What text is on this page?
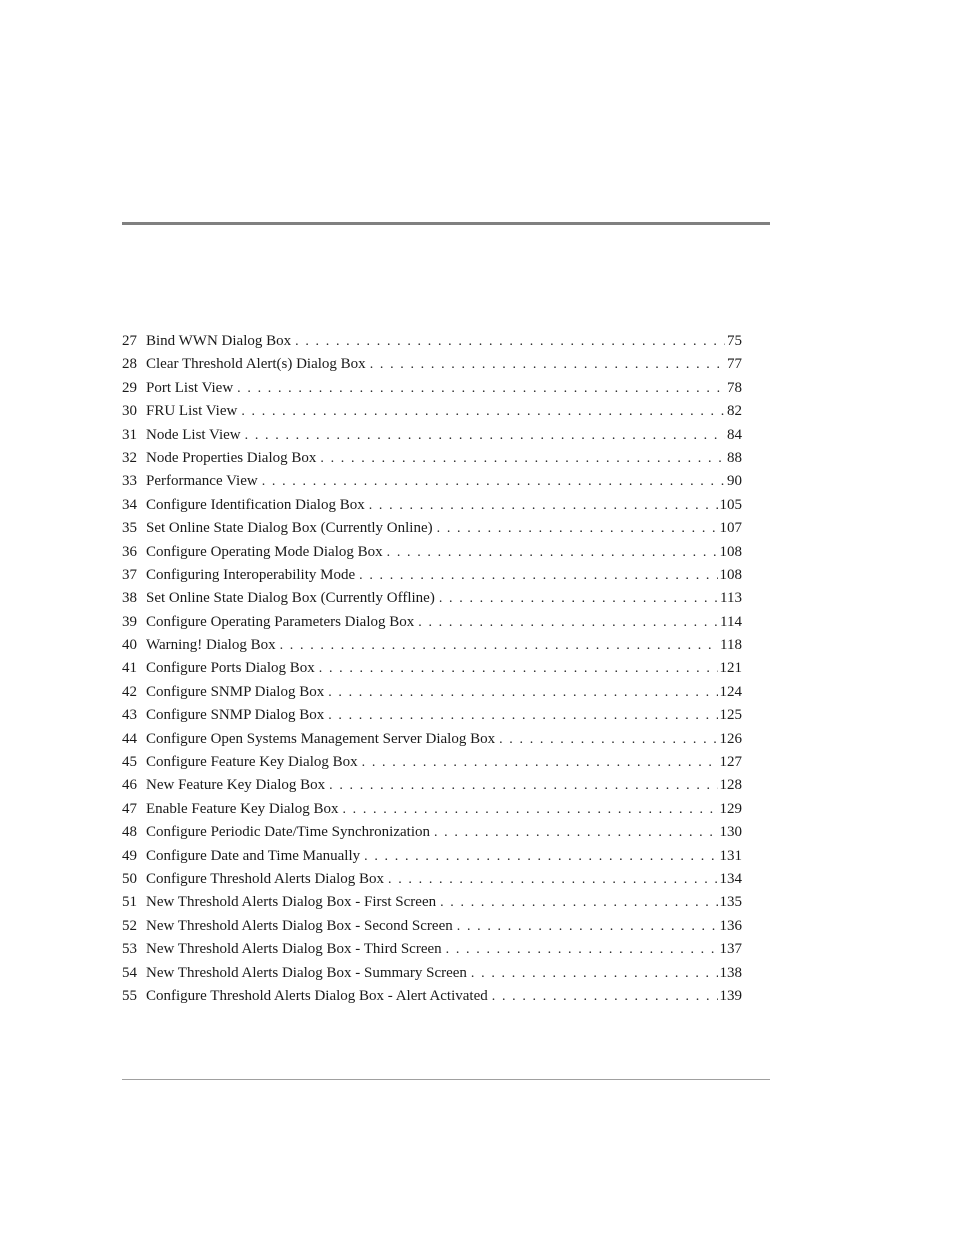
27 Bind WWN Dialog Box . . .	75
28 Clear Threshold Alert(s) Dialog Box . . .	77
29 Port List View . . .	78
30 FRU List View . . .	82
31 Node List View . . .	84
32 Node Properties Dialog Box . . .	88
33 Performance View . . .	90
34 Configure Identification Dialog Box . . .	105
35 Set Online State Dialog Box (Currently Online) . . .	107
36 Configure Operating Mode Dialog Box . . .	108
37 Configuring Interoperability Mode . . .	108
38 Set Online State Dialog Box (Currently Offline) . . .	113
39 Configure Operating Parameters Dialog Box . . .	114
40 Warning! Dialog Box . . .	118
41 Configure Ports Dialog Box . . .	121
42 Configure SNMP Dialog Box . . .	124
43 Configure SNMP Dialog Box . . .	125
44 Configure Open Systems Management Server Dialog Box . . .	126
45 Configure Feature Key Dialog Box . . .	127
46 New Feature Key Dialog Box . . .	128
47 Enable Feature Key Dialog Box . . .	129
48 Configure Periodic Date/Time Synchronization . . .	130
49 Configure Date and Time Manually . . .	131
50 Configure Threshold Alerts Dialog Box . . .	134
51 New Threshold Alerts Dialog Box - First Screen . . .	135
52 New Threshold Alerts Dialog Box - Second Screen . . .	136
53 New Threshold Alerts Dialog Box - Third Screen . . .	137
54 New Threshold Alerts Dialog Box - Summary Screen . . .	138
55 Configure Threshold Alerts Dialog Box - Alert Activated . . .	139
